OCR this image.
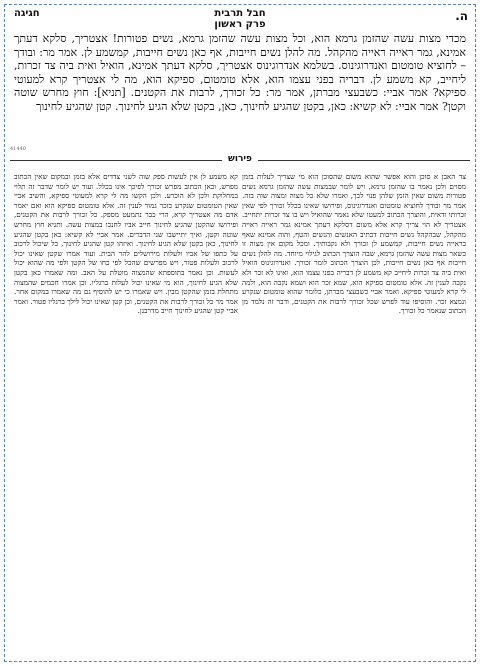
ה.
חבל תרבית
פרק ראשון
חגיגה
מכדי מצות עשה שהזמן גרמא הוא, וכל מצות עשה שהזמן גרמא, נשים פטורות! אצטריך, סלקא דעתך אמינא, גמר ראייה ראייה מהקהל. מה להלן נשים חייבות, אף כאן נשים חייבות, קמשמע לן. אמר מר: ובודך – לחוציא טומטום ואנדרוגינוס. בשלמא אנדרוגינוס אצטריך, סלקא דעתך אמינא, הואיל ואית ביה צד זכרות, ליחייב, קא משמע לן. דבריה בפני עצמו הוא, אלא טומטום, ספיקא הוא, מה לי אצטריך קרא למעוטי ספיקא? אמר אביי: כשבעצי מברתן, אמר מר: כל זכורך, לרבות את הקטנים. [תניא]: חוץ מחרש שוטה וקטן? אמר אביי: לא קשיא: כאן, בקטן שהגיע לחינוך, כאן, בקטן שלא הגיע לחינוך. קטן שהגיע לחינוך
41440
פירוש
צד האבן א סוכן והוא אפשר שהוא משום שהסוכן הוא מי שצריך לעלות בזמן מסוים ולכן נאמר בו שהזמן גרמא, ויש לומר שבמצות עשה שהזמן גרמא נשים פטורות משום שאין הזמן שלהן פנוי לכך, ואמרו שלא כל מצוה ומצוה שוה בזה. אמר מר ובודך לחוציא טומטום ואנדרוגינוס, ופירושו שאינו בכלל זכורך לפי שאין זכרותו ודאית, והוצרך הכתוב למעטו שלא נאמר שהואיל ויש בו צד זכרות יתחייב. אצטריך לא הוי צריך קרא אלא משום דסלקא דעתך אמינא גמר ראייה ראייה מהקהל, שבהקהל נשים חייבות דכתיב האנשים והנשים והטף, והוה אמינא שאף בראייה נשים חייבות, קמשמע לן זכורך ולא נקבותיך. ומכל מקום אין מצוה זו כשאר מצות עשה שהזמן גרמא, שבה הוצרך הכתוב לגילוי מיוחד. מה להלן נשים חייבות אף כאן נשים חייבות, לכן הוצרך הכתוב לומר זכורך. ואנדרוגינוס הואיל ואית ביה צד זכרות ליחייב קא משמע לן דבריה בפני עצמו הוא, ואינו לא זכר ולא נקבה לענין זה. אלא טומטום ספיקא הוא, שמא זכר הוא ושמא נקבה הוא, ולמה לי קרא למעוטי ספיקא. ואמר אביי כשבעצי מברתן, כלומר שהוא טומטום שנקרע ונמצא זכר. והוסיפו עוד לפרש שכל זכורך לרבות את הקטנים, ודבר זה נלמד מן הכתוב שנאמר כל זכורך.
קא משמע לן אין לעשות ספק שוה לשני צדדים אלא בזמן ובמקום שאין הכתוב מפרש, וכאן הכתוב מפרש זכורך לפיכך אינו בכלל. ועוד יש לומר שדבר זה תלוי במחלוקת ולכן לא הוכרע. ולכן הקשו מה לי קרא למעוטי ספיקא, והשיב אביי שאין הטומטום שנקרע כזכר גמור לענין זה. אלא טומטום ספיקא הוא ואם יאמר אדם מה אצטריך קרא, הרי כבר נתמעט מספק. כל זכורך לרבות את הקטנים, ופירושו שהקטן שהגיע לחינוך חייב אביו לחנכו במצות עשה. ותניא חוץ מחרש שוטה וקטן, ואיך יתיישבו שני הדברים. אמר אביי לא קשיא: כאן בקטן שהגיע לחינוך, כאן בקטן שלא הגיע לחינוך. ואיזהו קטן שהגיע לחינוך, כל שיכול לרכוב על כתפו של אביו ולעלות מירושלים להר הבית. ועוד אמרו שקטן שאינו יכול לרכוב ולעלות פטור, ויש מפרשים שהכל לפי כחו של הקטן ולפי מה שהוא יכול לעשות. וכן נאמר בתוספתא שהמצוה מוטלת על האב. ומה שאמרו כאן בקטן שלא הגיע לחינוך, הוא מי שאינו יכול לעלות ברגליו. וכן אמרו חכמים שהמצוה מתחלת בזמן שהקטן מבין. ויש שאמרו כי יש להוסיף גם מה שאמרו במקום אחר. אמר מר כל זכורך לרבות את הקטנים, וכן קטן שאינו יכול לילך ברגליו פטור. ואמר אביי קטן שהגיע לחינוך חייב מדרבנן.
